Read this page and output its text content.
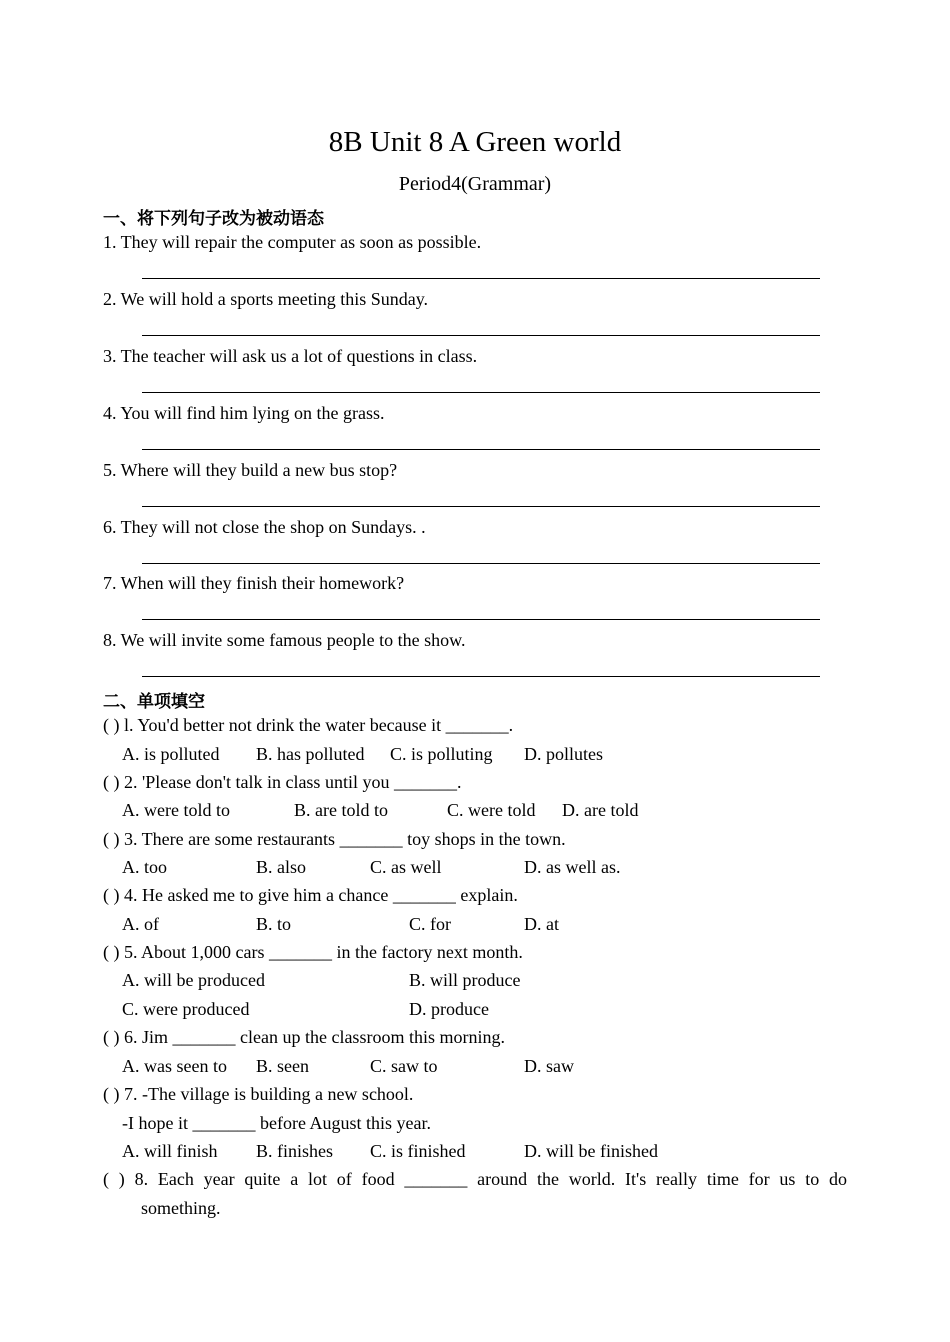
8B Unit 8 A Green world
Period4(Grammar)
一、将下列句子改为被动语态
1. They will repair the computer as soon as possible.
2. We will hold a sports meeting this Sunday.
3. The teacher will ask us a lot of questions in class.
4. You will find him lying on the grass.
5. Where will they build a new bus stop?
6. They will not close the shop on Sundays. .
7. When will they finish their homework?
8. We will invite some famous people to the show.
二、单项填空
( ) l. You'd better not drink the water because it _______.
A. is polluted B. has polluted C. is polluting D. pollutes
( ) 2. 'Please don't talk in class until you _______.
A. were told to	B. are told to	C. were told D. are told
( ) 3. There are some restaurants _______ toy shops in the town.
A. too	B. also	C. as well	D. as well as.
( ) 4. He asked me to give him a chance _______ explain.
A. of	B. to	C. for	D. at
( ) 5. About 1,000 cars _______ in the factory next month.
A. will be produced	B. will produce
C. were produced	D. produce
( ) 6. Jim _______ clean up the classroom this morning.
A. was seen to B. seen	C. saw to	D. saw
( ) 7. -The village is building a new school.
-I hope it _______ before August this year.
A. will finish B. finishes C. is finished	D. will be finished
( ) 8. Each year quite a lot of food _______ around the world. It's really time for us to do
something.
